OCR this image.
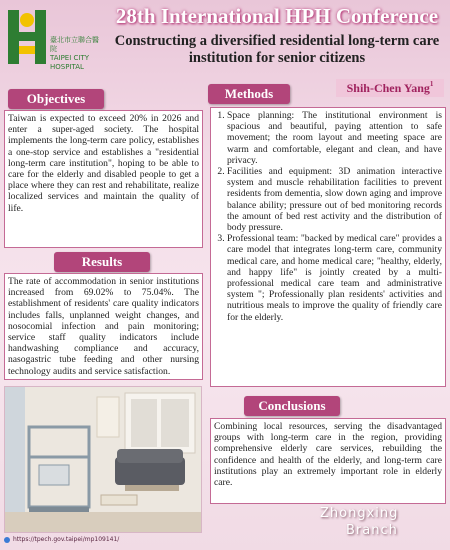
臺北市立聯合醫院
TAIPEI CITY HOSPITAL
28th International HPH Conference
Constructing a diversified residential long-term care institution for senior citizens
Shih-Chen Yang$^1$
Objectives
Taiwan is expected to exceed 20% in 2026 and enter a super-aged society. The hospital implements the long-term care policy, establishes a one-stop service and establishes a "residential long-term care institution", hoping to be able to care for the elderly and disabled people to get a place where they can rest and rehabilitate, realize localized services and maintain the quality of life.
Results
The rate of accommodation in senior institutions increased from 69.02% to 75.04%. The establishment of residents' care quality indicators includes falls, unplanned weight changes, and nosocomial infection and pain monitoring; service staff quality indicators include handwashing compliance and accuracy, nasogastric tube feeding and other nursing technology audits and service satisfaction.
Methods
1. Space planning: The institutional environment is spacious and beautiful, paying attention to safe movement; the room layout and meeting space are warm and comfortable, elegant and clean, and have privacy.
2. Facilities and equipment: 3D animation interactive system and muscle rehabilitation facilities to prevent residents from dementia, slow down aging and improve balance ability; pressure out of bed monitoring records the amount of bed rest activity and the distribution of body pressure.
3. Professional team: "backed by medical care" provides a care model that integrates long-term care, community medical care, and home medical care; "healthy, elderly, and happy life" is jointly created by a multi-professional medical care team and administrative system "; Professionally plan residents' activities and nutritious meals to improve the quality of friendly care for the elderly.
Conclusions
Combining local resources, serving the disadvantaged groups with long-term care in the region, providing comprehensive elderly care services, rebuilding the confidence and health of the elderly, and long-term care institutions play an extremely important role in elderly care.
Zhongxing
Branch
https://tpech.gov.taipei/mp109141/
